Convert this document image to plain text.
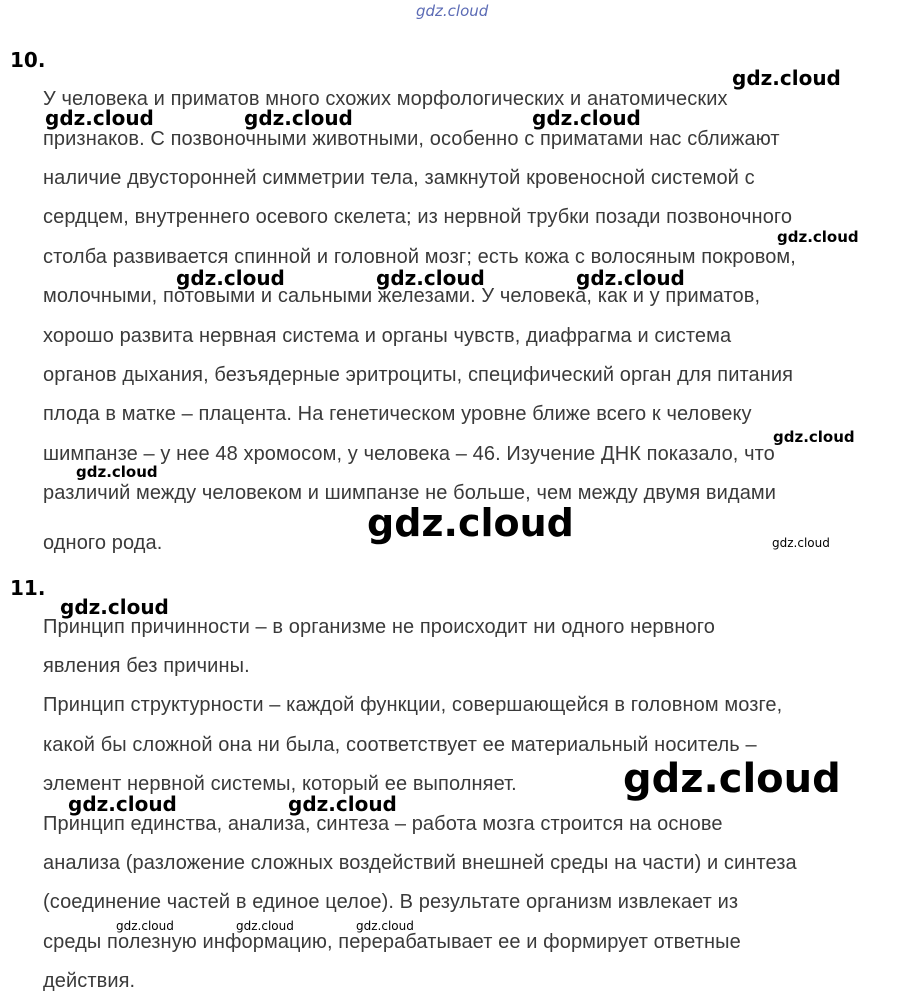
gdz.cloud
10.
У человека и приматов много схожих морфологических и анатомических
признаков. С позвоночными животными, особенно с приматами нас сближают
наличие двусторонней симметрии тела, замкнутой кровеносной системой с
сердцем, внутреннего осевого скелета; из нервной трубки позади позвоночного
столба развивается спинной и головной мозг; есть кожа с волосяным покровом,
молочными, потовыми и сальными железами. У человека, как и у приматов,
хорошо развита нервная система и органы чувств, диафрагма и система
органов дыхания, безъядерные эритроциты, специфический орган для питания
плода в матке – плацента. На генетическом уровне ближе всего к человеку
шимпанзе – у нее 48 хромосом, у человека – 46. Изучение ДНК показало, что
различий между человеком и шимпанзе не больше, чем между двумя видами
одного рода.
11.
Принцип причинности – в организме не происходит ни одного нервного
явления без причины.
Принцип структурности – каждой функции, совершающейся в головном мозге,
какой бы сложной она ни была, соответствует ее материальный носитель –
элемент нервной системы, который ее выполняет.
Принцип единства, анализа, синтеза – работа мозга строится на основе
анализа (разложение сложных воздействий внешней среды на части) и синтеза
(соединение частей в единое целое). В результате организм извлекает из
среды полезную информацию, перерабатывает ее и формирует ответные
действия.
gdz.cloud
gdz.cloud	gdz.cloud	gdz.cloud
gdz.cloud
gdz.cloud	gdz.cloud	gdz.cloud
gdz.cloud
gdz.cloud
gdz.cloud	gdz.cloud
gdz.cloud
gdz.cloud
gdz.cloud	gdz.cloud
gdz.cloud	gdz.cloud	gdz.cloud
